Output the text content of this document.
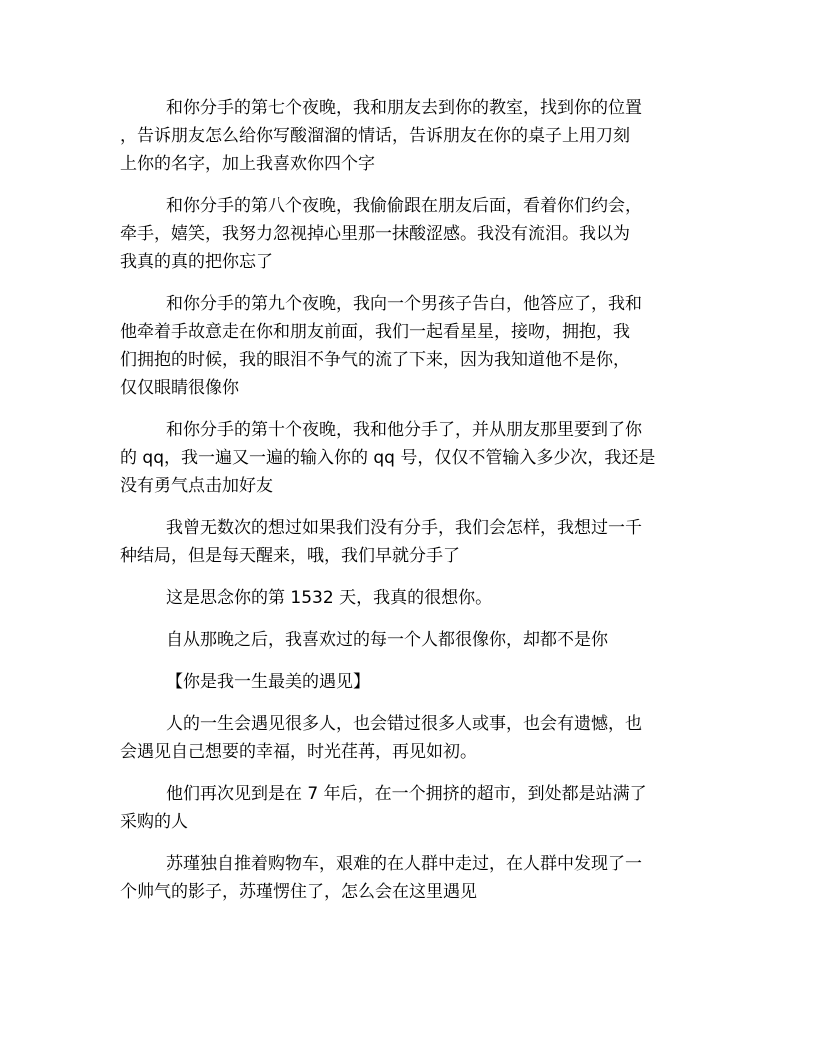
和你分手的第七个夜晚，我和朋友去到你的教室，找到你的位置

，告诉朋友怎么给你写酸溜溜的情话，告诉朋友在你的桌子上用刀刻

上你的名字，加上我喜欢你四个字

和你分手的第八个夜晚，我偷偷跟在朋友后面，看着你们约会，

牵手，嬉笑，我努力忽视掉心里那一抹酸涩感。我没有流泪。我以为

我真的真的把你忘了

和你分手的第九个夜晚，我向一个男孩子告白，他答应了，我和

他牵着手故意走在你和朋友前面，我们一起看星星，接吻，拥抱，我

们拥抱的时候，我的眼泪不争气的流了下来，因为我知道他不是你，

仅仅眼睛很像你

和你分手的第十个夜晚，我和他分手了，并从朋友那里要到了你

的 qq，我一遍又一遍的输入你的 qq 号，仅仅不管输入多少次，我还是

没有勇气点击加好友

我曾无数次的想过如果我们没有分手，我们会怎样，我想过一千

种结局，但是每天醒来，哦，我们早就分手了

这是思念你的第 1532 天，我真的很想你。

自从那晚之后，我喜欢过的每一个人都很像你，却都不是你

【你是我一生最美的遇见】

人的一生会遇见很多人，也会错过很多人或事，也会有遗憾，也

会遇见自己想要的幸福，时光荏苒，再见如初。

他们再次见到是在 7 年后，在一个拥挤的超市，到处都是站满了

采购的人

苏瑾独自推着购物车，艰难的在人群中走过，在人群中发现了一

个帅气的影子，苏瑾愣住了，怎么会在这里遇见
